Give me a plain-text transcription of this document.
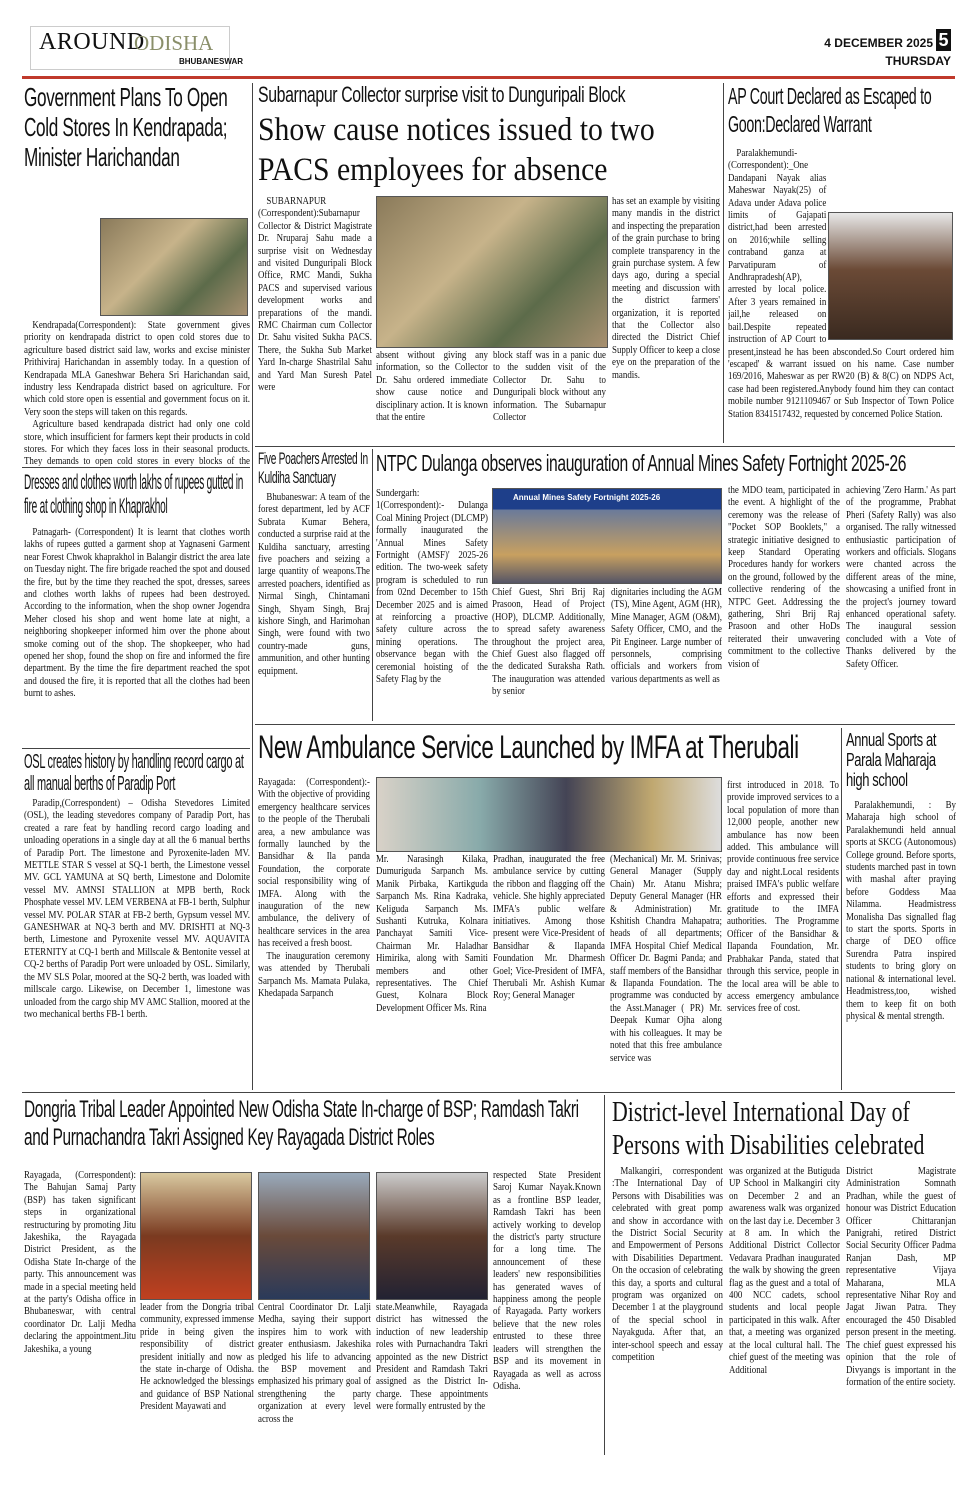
AROUND
ODISHA
BHUBANESWAR
4 DECEMBER 2025 5
THURSDAY
Government Plans To Open Cold Stores In Kendrapada; Minister Harichandan

Kendrapada(Correspondent): State government gives priority on kendrapada district to open cold stores due to agriculture based district said law, works and excise minister Prithiviraj Harichandan in assembly today. In a question of Kendrapada MLA Ganeshwar Behera Sri Harichandan said, industry less Kendrapada district based on agriculture. For which cold store open is essential and government focus on it. Very soon the steps will taken on this regards.

Agriculture based kendrapada district had only one cold store, which insufficient for farmers kept their products in cold stores. For which they faces loss in their seasonal products. They demands to open cold stores in every blocks of the

Dresses and clothes worth lakhs of rupees gutted in fire at clothing shop in Khaprakhol

Patnagarh- (Correspondent) It is learnt that clothes worth lakhs of rupees gutted a garment shop at Yagnaseni Garment near Forest Chwok khaprakhol in Balangir district the area late on Tuesday night. The fire brigade reached the spot and doused the fire, but by the time they reached the spot, dresses, sarees and clothes worth lakhs of rupees had been destroyed. According to the information, when the shop owner Jogendra Meher closed his shop and went home late at night, a neighboring shopkeeper informed him over the phone about smoke coming out of the shop. The shopkeeper, who had opened her shop, found the shop on fire and informed the fire department. By the time the fire department reached the spot and doused the fire, it is reported that all the clothes had been burnt to ashes.

OSL creates history by handling record cargo at all manual berths of Paradip Port

Paradip,(Correspondent) – Odisha Stevedores Limited (OSL), the leading stevedores company of Paradip Port, has created a rare feat by handling record cargo loading and unloading operations in a single day at all the 6 manual berths of Paradip Port. The limestone and Pyroxenite-laden MV. METTLE STAR S vessel at SQ-1 berth, the Limestone vessel MV. GCL YAMUNA at SQ berth, Limestone and Dolomite vessel MV. AMNSI STALLION at MPB berth, Rock Phosphate vessel MV. LEM VERBENA at FB-1 berth, Sulphur vessel MV. POLAR STAR at FB-2 berth, Gypsum vessel MV. GANESHWAR at NQ-3 berth and MV. DRISHTI at NQ-3 berth, Limestone and Pyroxenite vessel MV. AQUAVITA ETERNITY at CQ-1 berth and Millscale & Bentonite vessel at CQ-2 berths of Paradip Port were unloaded by OSL. Similarly, the MV SLS Polar, moored at the SQ-2 berth, was loaded with millscale cargo. Likewise, on December 1, limestone was unloaded from the cargo ship MV AMC Stallion, moored at the two mechanical berths FB-1 berth.

Subarnapur Collector surprise visit to Dunguripali Block
Show cause notices issued to two PACS employees for absence

SUBARNAPUR (Correspondent):Subarnapur Collector & District Magistrate Dr. Nruparaj Sahu made a surprise visit on Wednesday and visited Dunguripali Block Office, RMC Mandi, Sukha PACS and supervised various development works and preparations of the mandi. RMC Chairman cum Collector Dr. Sahu visited Sukha PACS. There, the Sukha Sub Market Yard In-charge Shastrilal Sahu and Yard Man Suresh Patel were

absent without giving any information, so the Collector Dr. Sahu ordered immediate show cause notice and disciplinary action. It is known that the entire

block staff was in a panic due to the sudden visit of the Collector Dr. Sahu to Dunguripali block without any information. The Subarnapur Collector

has set an example by visiting many mandis in the district and inspecting the preparation of the grain purchase to bring complete transparency in the grain purchase system. A few days ago, during a special meeting and discussion with the district farmers' organization, it is reported that the Collector also directed the District Chief Supply Officer to keep a close eye on the preparation of the mandis.

AP Court Declared as Escaped to Goon:Declared Warrant

Paralakhemundi-(Correspondent):_One Dandapani Nayak alias Maheswar Nayak(25) of Adava under Adava police limits of Gajapati district,had been arrested on 2016;while selling contraband ganza at Parvatipuram of Andhrapradesh(AP), arrested by local police. After 3 years remained in jail,he released on bail.Despite repeated instruction of AP Court to present,instead he has been absconded.So Court ordered him 'escaped' & warrant issued on his name. Case number 169/2016, Maheswar as per RW20 (B) & 8(C) on NDPS Act, case had been registered.Anybody found him they can contact mobile number 9121109467 or Sub Inspector of Town Police Station 8341517432, requested by concerned Police Station.

Five Poachers Arrested In Kuldiha Sanctuary

Bhubaneswar: A team of the forest department, led by ACF Subrata Kumar Behera, conducted a surprise raid at the Kuldiha sanctuary, arresting five poachers and seizing a large quantity of weapons.The arrested poachers, identified as Nirmal Singh, Chintamani Singh, Shyam Singh, Braj kishore Singh, and Harimohan Singh, were found with two country-made guns, ammunition, and other hunting equipment.

NTPC Dulanga observes inauguration of Annual Mines Safety Fortnight 2025-26

Sundergarh: 1(Correspondent):- Dulanga Coal Mining Project (DLCMP) formally inaugurated the 'Annual Mines Safety Fortnight (AMSF)' 2025-26 edition. The two-week safety program is scheduled to run from 02nd December to 15th December 2025 and is aimed at reinforcing a proactive safety culture across the mining operations. The observance began with the ceremonial hoisting of the Safety Flag by the

Annual Mines Safety Fortnight 2025-26

Chief Guest, Shri Brij Raj Prasoon, Head of Project (HOP), DLCMP. Additionally, to spread safety awareness throughout the project area, Chief Guest also flagged off the dedicated Suraksha Rath. The inauguration was attended by senior

dignitaries including the AGM (TS), Mine Agent, AGM (HR), Mine Manager, AGM (O&M), Safety Officer, CMO, and the Pit Engineer. Large number of personnels, comprising officials and workers from various departments as well as

the MDO team, participated in the event. A highlight of the ceremony was the release of "Pocket SOP Booklets," a strategic initiative designed to keep Standard Operating Procedures handy for workers on the ground, followed by the collective rendering of the NTPC Geet. Addressing the gathering, Shri Brij Raj Prasoon and other HoDs reiterated their unwavering commitment to the collective vision of

achieving 'Zero Harm.' As part of the programme, Prabhat Pheri (Safety Rally) was also organised. The rally witnessed enthusiastic participation of workers and officials. Slogans were chanted across the different areas of the mine, showcasing a unified front in the project's journey toward enhanced operational safety. The inaugural session concluded with a Vote of Thanks delivered by the Safety Officer.

New Ambulance Service Launched by IMFA at Therubali

Rayagada: (Correspondent):- With the objective of providing emergency healthcare services to the people of the Therubali area, a new ambulance was formally launched by the Bansidhar & Ila panda Foundation, the corporate social responsibility wing of IMFA. Along with the inauguration of the new ambulance, the delivery of healthcare services in the area has received a fresh boost.

The inauguration ceremony was attended by Therubali Sarpanch Ms. Mamata Pulaka, Khedapada Sarpanch

Mr. Narasingh Kilaka, Dumuriguda Sarpanch Ms. Manik Pirbaka, Kartikguda Sarpanch Ms. Rina Kadraka, Keliguda Sarpanch Ms. Sushanti Kutruka, Kolnara Panchayat Samiti Vice-Chairman Mr. Haladhar Himirika, along with Samiti members and other representatives. The Chief Guest, Kolnara Block Development Officer Ms. Rina

Pradhan, inaugurated the free ambulance service by cutting the ribbon and flagging off the vehicle. She highly appreciated IMFA's public welfare initiatives. Among those present were Vice-President of Bansidhar & Ilapanda Foundation Mr. Dharmesh Goel; Vice-President of IMFA, Therubali Mr. Ashish Kumar Roy; General Manager

(Mechanical) Mr. M. Srinivas; General Manager (Supply Chain) Mr. Atanu Mishra; Deputy General Manager (HR & Administration) Mr. Kshitish Chandra Mahapatra; heads of all departments; IMFA Hospital Chief Medical Officer Dr. Bagmi Panda; and staff members of the Bansidhar & Ilapanda Foundation. The programme was conducted by the Asst.Manager ( PR) Mr. Deepak Kumar Ojha along with his colleagues. It may be noted that this free ambulance service was

first introduced in 2018. To provide improved services to a local population of more than 12,000 people, another new ambulance has now been added. This ambulance will provide continuous free service day and night.Local residents praised IMFA's public welfare efforts and expressed their gratitude to the IMFA authorities. The Programme Officer of the Bansidhar & Ilapanda Foundation, Mr. Prabhakar Panda, stated that through this service, people in the local area will be able to access emergency ambulance services free of cost.

Annual Sports at Parala Maharaja high school

Paralakhemundi, : By Maharaja high school of Paralakhemundi held annual sports at SKCG (Autonomous) College ground. Before sports, students marched past in town with mashal after praying before Goddess Maa Nilamma. Headmistress Monalisha Das signalled flag to start the sports. Sports in charge of DEO office Surendra Patra inspired students to bring glory on national & international level. Headmistress,too, wished them to keep fit on both physical & mental strength.

Dongria Tribal Leader Appointed New Odisha State In-charge of BSP; Ramdash Takri and Purnachandra Takri Assigned Key Rayagada District Roles

Rayagada, (Correspondent): The Bahujan Samaj Party (BSP) has taken significant steps in organizational restructuring by promoting Jitu Jakeshika, the Rayagada District President, as the Odisha State In-charge of the party. This announcement was made in a special meeting held at the party's Odisha office in Bhubaneswar, with central coordinator Dr. Lalji Medha declaring the appointment.Jitu Jakeshika, a young

leader from the Dongria tribal community, expressed immense pride in being given the responsibility of district president initially and now as the state in-charge of Odisha. He acknowledged the blessings and guidance of BSP National President Mayawati and

Central Coordinator Dr. Lalji Medha, saying their support inspires him to work with greater enthusiasm. Jakeshika pledged his life to advancing the BSP movement and emphasized his primary goal of strengthening the party organization at every level across the

state.Meanwhile, Rayagada district has witnessed the induction of new leadership roles with Purnachandra Takri appointed as the new District President and Ramdash Takri assigned as the District In-charge. These appointments were formally entrusted by the

respected State President Saroj Kumar Nayak.Known as a frontline BSP leader, Ramdash Takri has been actively working to develop the district's party structure for a long time. The announcement of these leaders' new responsibilities has generated waves of happiness among the people of Rayagada. Party workers believe that the new roles entrusted to these three leaders will strengthen the BSP and its movement in Rayagada as well as across Odisha.

District-level International Day of Persons with Disabilities celebrated

Malkangiri, correspondent :The International Day of Persons with Disabilities was celebrated with great pomp and show in accordance with the District Social Security and Empowerment of Persons with Disabilities Department. On the occasion of celebrating this day, a sports and cultural program was organized on December 1 at the playground of the special school in Nayakguda. After that, an inter-school speech and essay competition

was organized at the Butiguda UP School in Malkangiri city on December 2 and an awareness walk was organized on the last day i.e. December 3 at 8 am. In which the Additional District Collector Vedavara Pradhan inaugurated the walk by showing the green flag as the guest and a total of 400 NCC cadets, school students and local people participated in this walk. After that, a meeting was organized at the local cultural hall. The chief guest of the meeting was Additional

District Magistrate Administration Somnath Pradhan, while the guest of honour was District Education Officer Chittaranjan Panigrahi, retired District Social Security Officer Padma Ranjan Dash, MP representative Vijaya Maharana, MLA representative Nihar Roy and Jagat Jiwan Patra. They encouraged the 450 Disabled person present in the meeting. The chief guest expressed his opinion that the role of Divyangs is important in the formation of the entire society.
